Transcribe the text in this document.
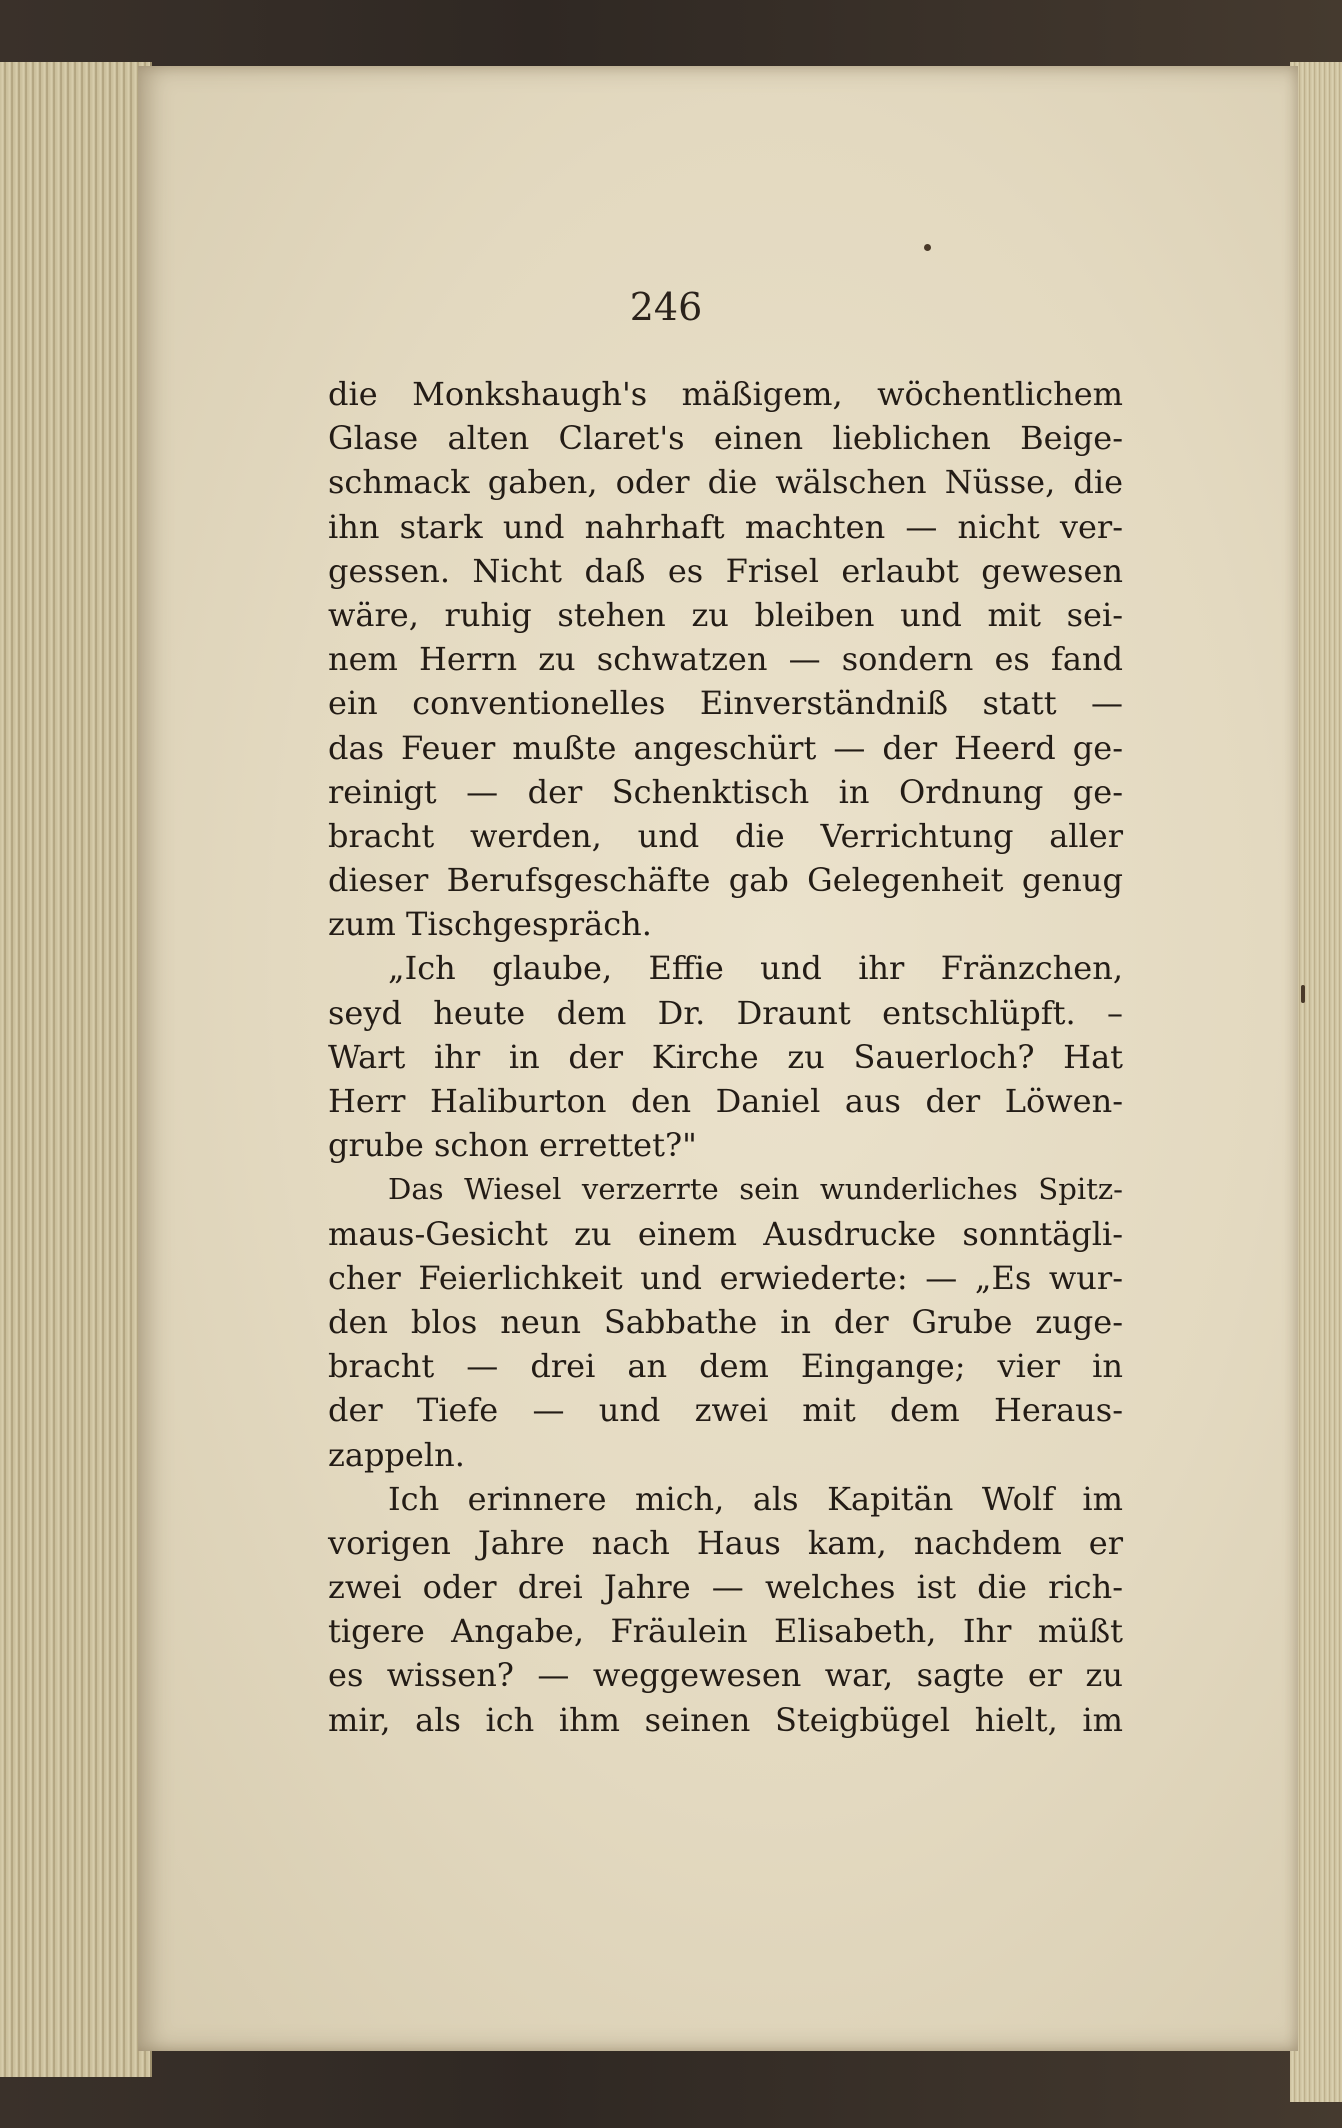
246
die Monkshaugh's mäßigem, wöchentlichem
Glase alten Claret's einen lieblichen Beige-
schmack gaben, oder die wälschen Nüsse, die
ihn stark und nahrhaft machten — nicht ver-
gessen. Nicht daß es Frisel erlaubt gewesen
wäre, ruhig stehen zu bleiben und mit sei-
nem Herrn zu schwatzen — sondern es fand
ein conventionelles Einverständniß statt —
das Feuer mußte angeschürt — der Heerd ge-
reinigt — der Schenktisch in Ordnung ge-
bracht werden, und die Verrichtung aller
dieser Berufsgeschäfte gab Gelegenheit genug
zum Tischgespräch.
„Ich glaube, Effie und ihr Fränzchen,
seyd heute dem Dr. Draunt entschlüpft. –
Wart ihr in der Kirche zu Sauerloch? Hat
Herr Haliburton den Daniel aus der Löwen-
grube schon errettet?"
Das Wiesel verzerrte sein wunderliches Spitz-
maus-Gesicht zu einem Ausdrucke sonntägli-
cher Feierlichkeit und erwiederte: — „Es wur-
den blos neun Sabbathe in der Grube zuge-
bracht — drei an dem Eingange; vier in
der Tiefe — und zwei mit dem Heraus-
zappeln.
Ich erinnere mich, als Kapitän Wolf im
vorigen Jahre nach Haus kam, nachdem er
zwei oder drei Jahre — welches ist die rich-
tigere Angabe, Fräulein Elisabeth, Ihr müßt
es wissen? — weggewesen war, sagte er zu
mir, als ich ihm seinen Steigbügel hielt, im
